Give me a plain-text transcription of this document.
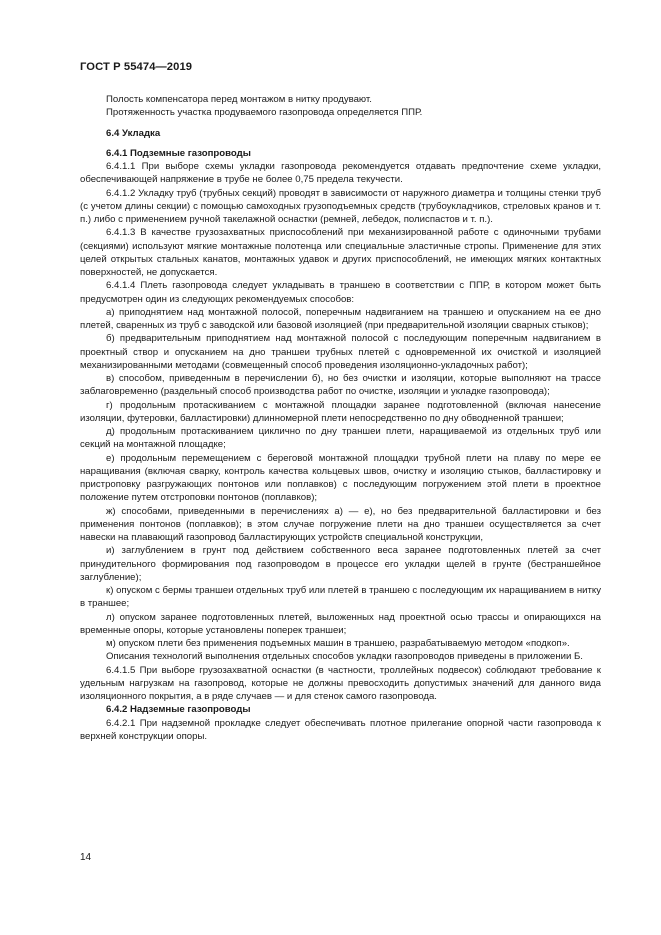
ГОСТ Р 55474—2019

Полость компенсатора перед монтажом в нитку продувают.

Протяженность участка продуваемого газопровода определяется ППР.

6.4 Укладка

6.4.1 Подземные газопроводы

6.4.1.1 При выборе схемы укладки газопровода рекомендуется отдавать предпочтение схеме укладки, обеспечивающей напряжение в трубе не более 0,75 предела текучести.

6.4.1.2 Укладку труб (трубных секций) проводят в зависимости от наружного диаметра и толщины стенки труб (с учетом длины секции) с помощью самоходных грузоподъемных средств (трубоукладчиков, стреловых кранов и т. п.) либо с применением ручной такелажной оснастки (ремней, лебедок, полиспастов и т. п.).

6.4.1.3 В качестве грузозахватных приспособлений при механизированной работе с одиночными трубами (секциями) используют мягкие монтажные полотенца или специальные эластичные стропы. Применение для этих целей открытых стальных канатов, монтажных удавок и других приспособлений, не имеющих мягких контактных поверхностей, не допускается.

6.4.1.4 Плеть газопровода следует укладывать в траншею в соответствии с ППР, в котором может быть предусмотрен один из следующих рекомендуемых способов:

а) приподнятием над монтажной полосой, поперечным надвиганием на траншею и опусканием на ее дно плетей, сваренных из труб с заводской или базовой изоляцией (при предварительной изоляции сварных стыков);

б) предварительным приподнятием над монтажной полосой с последующим поперечным надвиганием в проектный створ и опусканием на дно траншеи трубных плетей с одновременной их очисткой и изоляцией механизированными методами (совмещенный способ проведения изоляционно-укладочных работ);

в) способом, приведенным в перечислении б), но без очистки и изоляции, которые выполняют на трассе заблаговременно (раздельный способ производства работ по очистке, изоляции и укладке газопровода);

г) продольным протаскиванием с монтажной площадки заранее подготовленной (включая нанесение изоляции, футеровки, балластировки) длинномерной плети непосредственно по дну обводненной траншеи;

д) продольным протаскиванием циклично по дну траншеи плети, наращиваемой из отдельных труб или секций на монтажной площадке;

е) продольным перемещением с береговой монтажной площадки трубной плети на плаву по мере ее наращивания (включая сварку, контроль качества кольцевых швов, очистку и изоляцию стыков, балластировку и пристроповку разгружающих понтонов или поплавков) с последующим погружением этой плети в проектное положение путем отстроповки понтонов (поплавков);

ж) способами, приведенными в перечислениях а) — е), но без предварительной балластировки и без применения понтонов (поплавков); в этом случае погружение плети на дно траншеи осуществляется за счет навески на плавающий газопровод балластирующих устройств специальной конструкции,

и) заглублением в грунт под действием собственного веса заранее подготовленных плетей за счет принудительного формирования под газопроводом в процессе его укладки щелей в грунте (бестраншейное заглубление);

к) опуском с бермы траншеи отдельных труб или плетей в траншею с последующим их наращиванием в нитку в траншее;

л) опуском заранее подготовленных плетей, выложенных над проектной осью трассы и опирающихся на временные опоры, которые установлены поперек траншеи;

м) опуском плети без применения подъемных машин в траншею, разрабатываемую методом «подкоп».

Описания технологий выполнения отдельных способов укладки газопроводов приведены в приложении Б.

6.4.1.5 При выборе грузозахватной оснастки (в частности, троллейных подвесок) соблюдают требование к удельным нагрузкам на газопровод, которые не должны превосходить допустимых значений для данного вида изоляционного покрытия, а в ряде случаев — и для стенок самого газопровода.

6.4.2 Надземные газопроводы

6.4.2.1 При надземной прокладке следует обеспечивать плотное прилегание опорной части газопровода к верхней конструкции опоры.

14
